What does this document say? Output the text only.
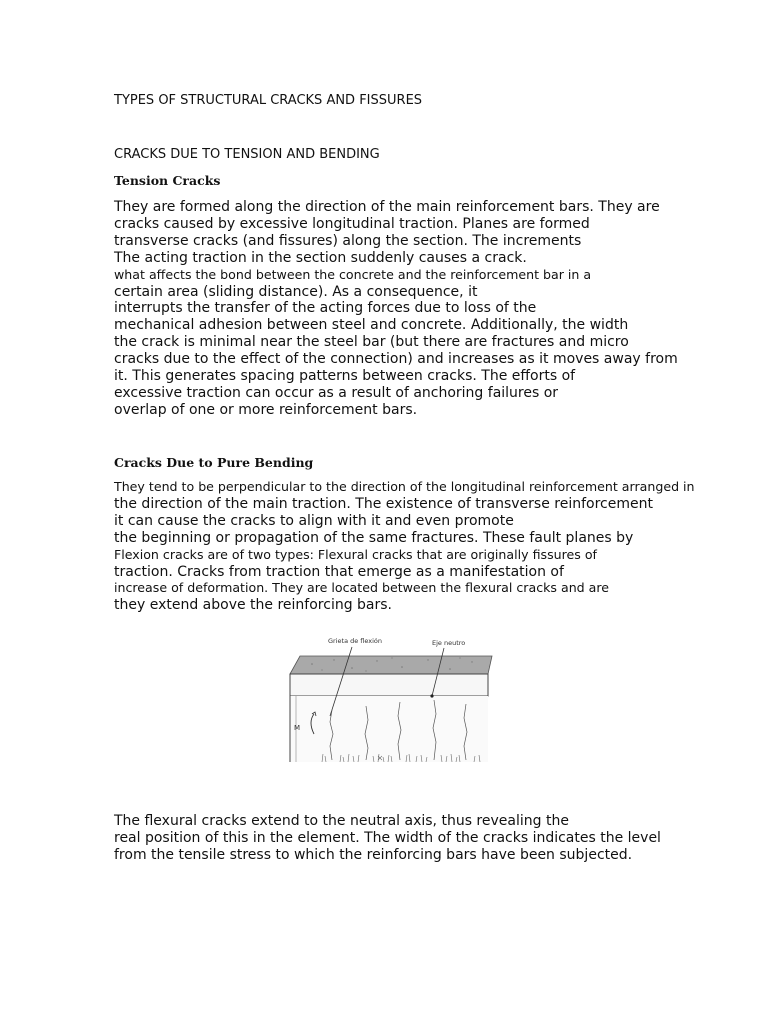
TYPES OF STRUCTURAL CRACKS AND FISSURES
CRACKS DUE TO TENSION AND BENDING
Tension Cracks
They are formed along the direction of the main reinforcement bars. They are
cracks caused by excessive longitudinal traction. Planes are formed
transverse cracks (and fissures) along the section. The increments
The acting traction in the section suddenly causes a crack.
what affects the bond between the concrete and the reinforcement bar in a
certain area (sliding distance). As a consequence, it
interrupts the transfer of the acting forces due to loss of the
mechanical adhesion between steel and concrete. Additionally, the width
the crack is minimal near the steel bar (but there are fractures and micro
cracks due to the effect of the connection) and increases as it moves away from
it. This generates spacing patterns between cracks. The efforts of
excessive traction can occur as a result of anchoring failures or
overlap of one or more reinforcement bars.
Cracks Due to Pure Bending
They tend to be perpendicular to the direction of the longitudinal reinforcement arranged in
the direction of the main traction. The existence of transverse reinforcement
it can cause the cracks to align with it and even promote
the beginning or propagation of the same fractures. These fault planes by
Flexion cracks are of two types: Flexural cracks that are originally fissures of
traction. Cracks from traction that emerge as a manifestation of
increase of deformation. They are located between the flexural cracks and are
they extend above the reinforcing bars.
Grieta de flexión	Eje neutro
M
The flexural cracks extend to the neutral axis, thus revealing the
real position of this in the element. The width of the cracks indicates the level
from the tensile stress to which the reinforcing bars have been subjected.
